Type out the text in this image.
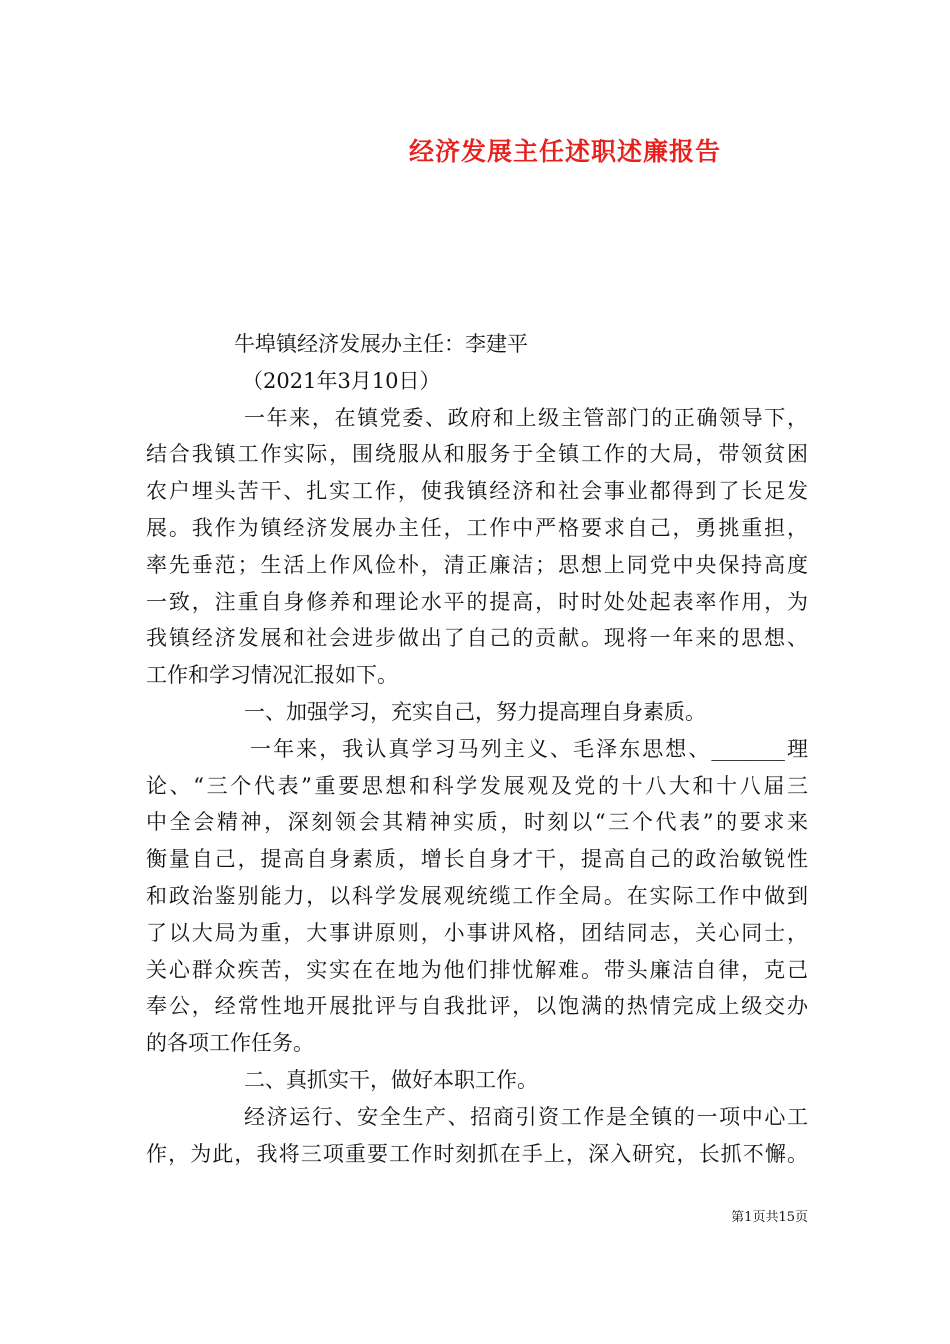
经济发展主任述职述廉报告
牛埠镇经济发展办主任：李建平
（2021年3月10日）
一年来，在镇党委、政府和上级主管部门的正确领导下，
结合我镇工作实际，围绕服从和服务于全镇工作的大局，带领贫困
农户埋头苦干、扎实工作，使我镇经济和社会事业都得到了长足发
展。我作为镇经济发展办主任，工作中严格要求自己，勇挑重担，
率先垂范；生活上作风俭朴，清正廉洁；思想上同党中央保持高度
一致，注重自身修养和理论水平的提高，时时处处起表率作用，为
我镇经济发展和社会进步做出了自己的贡献。现将一年来的思想、
工作和学习情况汇报如下。
一、加强学习，充实自己，努力提高理自身素质。
一年来，我认真学习马列主义、毛泽东思想、_______理
论、“三个代表”重要思想和科学发展观及党的十八大和十八届三
中全会精神，深刻领会其精神实质，时刻以“三个代表”的要求来
衡量自己，提高自身素质，增长自身才干，提高自己的政治敏锐性
和政治鉴别能力，以科学发展观统缆工作全局。在实际工作中做到
了以大局为重，大事讲原则，小事讲风格，团结同志，关心同士，
关心群众疾苦，实实在在地为他们排忧解难。带头廉洁自律，克己
奉公，经常性地开展批评与自我批评，以饱满的热情完成上级交办
的各项工作任务。
二、真抓实干，做好本职工作。
经济运行、安全生产、招商引资工作是全镇的一项中心工
作，为此，我将三项重要工作时刻抓在手上，深入研究，长抓不懈。
第1页共15页
